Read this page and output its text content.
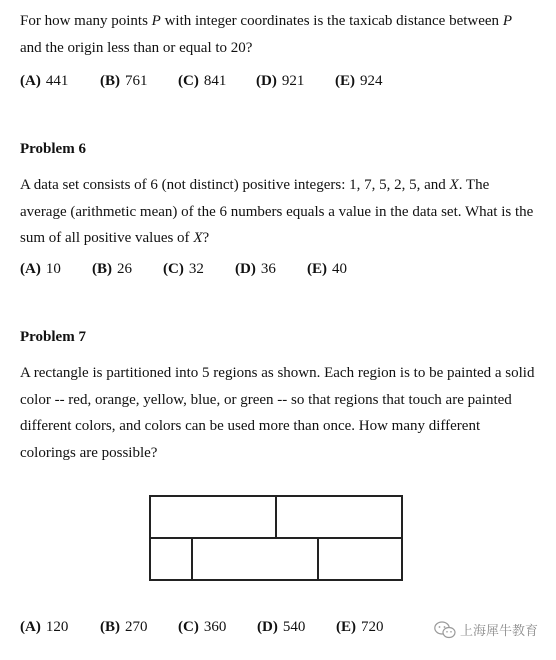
For how many points P with integer coordinates is the taxicab distance between P and the origin less than or equal to 20?
(A) 441 (B) 761 (C) 841 (D) 921 (E) 924
Problem 6
A data set consists of 6 (not distinct) positive integers: 1, 7, 5, 2, 5, and X. The average (arithmetic mean) of the 6 numbers equals a value in the data set. What is the sum of all positive values of X?
(A) 10 (B) 26 (C) 32 (D) 36 (E) 40
Problem 7
A rectangle is partitioned into 5 regions as shown. Each region is to be painted a solid color -- red, orange, yellow, blue, or green -- so that regions that touch are painted different colors, and colors can be used more than once. How many different colorings are possible?
(A) 120 (B) 270 (C) 360 (D) 540 (E) 720	上海犀牛教育
